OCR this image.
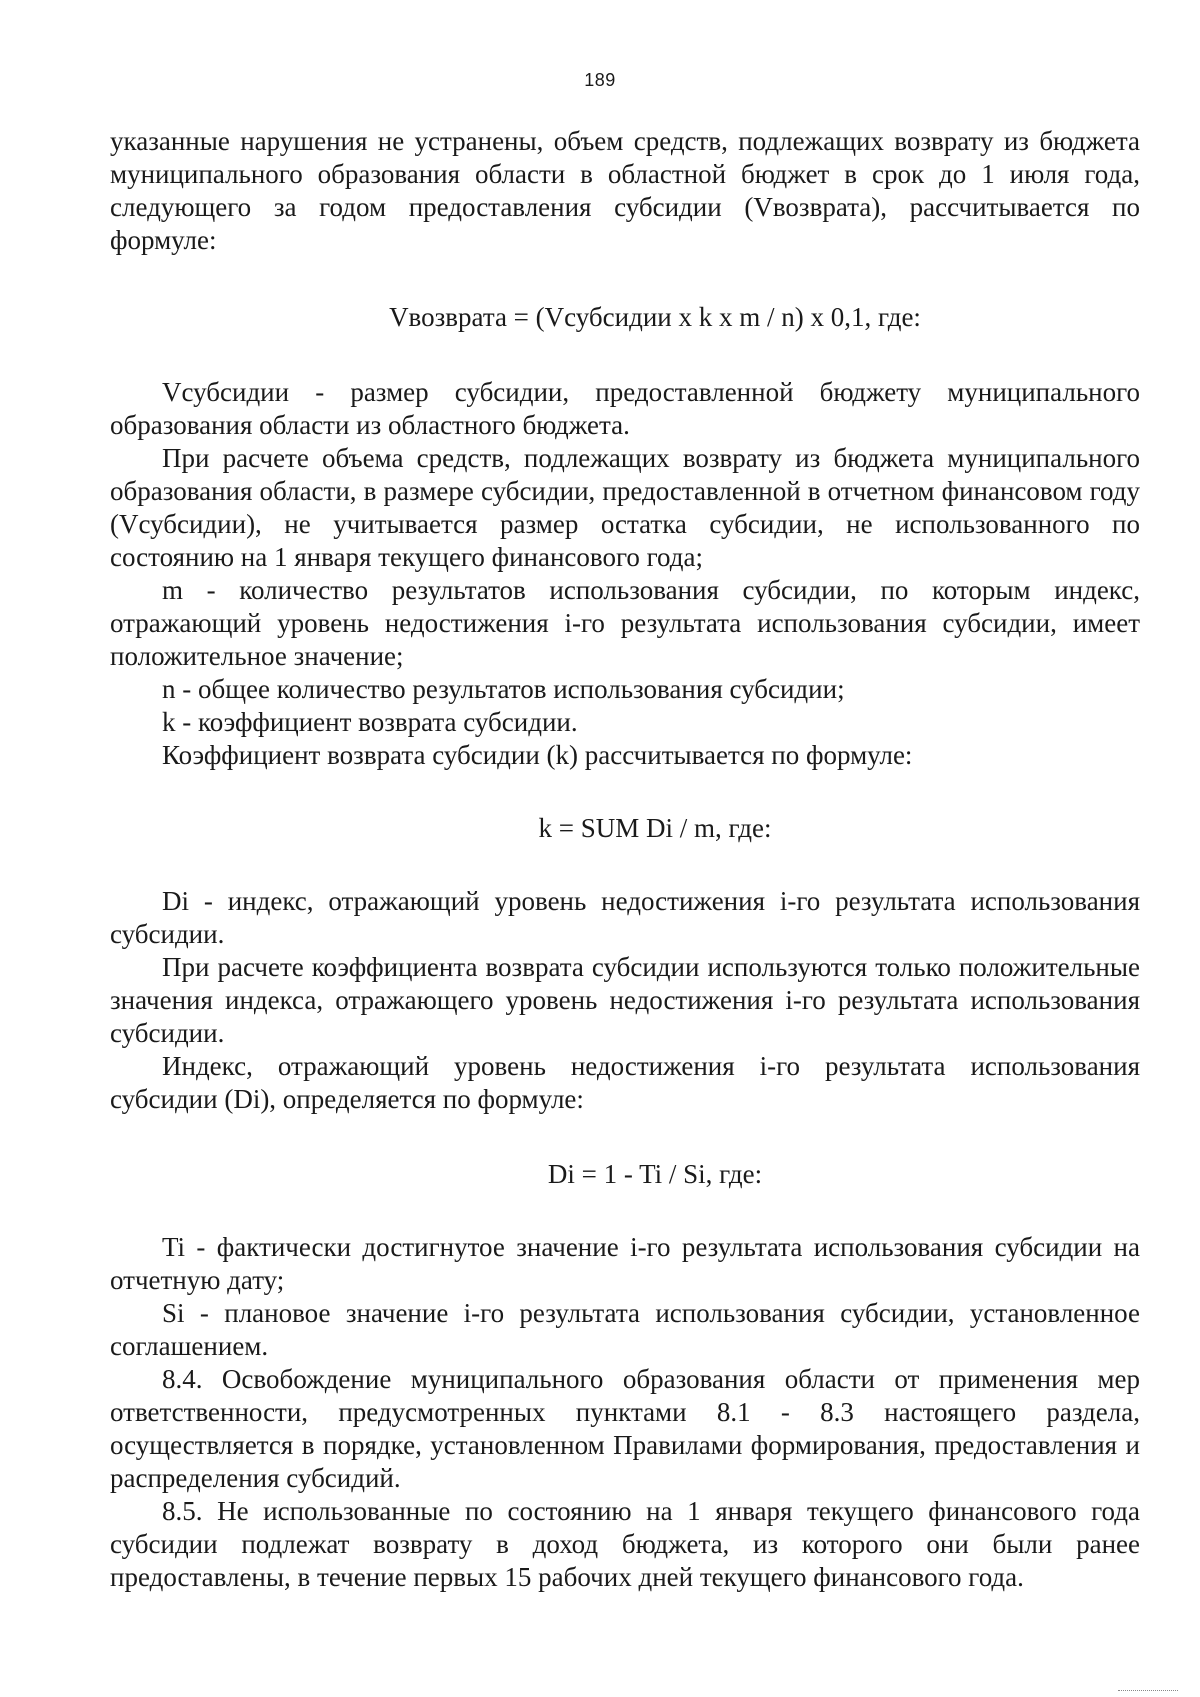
189

указанные нарушения не устранены, объем средств, подлежащих возврату из бюджета муниципального образования области в областной бюджет в срок до 1 июля года, следующего за годом предоставления субсидии (Vвозврата), рассчитывается по формуле:

Vвозврата = (Vсубсидии x k x m / n) x 0,1, где:

Vсубсидии - размер субсидии, предоставленной бюджету муниципального образования области из областного бюджета.

При расчете объема средств, подлежащих возврату из бюджета муниципального образования области, в размере субсидии, предоставленной в отчетном финансовом году (Vсубсидии), не учитывается размер остатка субсидии, не использованного по состоянию на 1 января текущего финансового года;

m - количество результатов использования субсидии, по которым индекс, отражающий уровень недостижения i-го результата использования субсидии, имеет положительное значение;

n - общее количество результатов использования субсидии;

k - коэффициент возврата субсидии.

Коэффициент возврата субсидии (k) рассчитывается по формуле:

k = SUM Di / m, где:

Di - индекс, отражающий уровень недостижения i-го результата использования субсидии.

При расчете коэффициента возврата субсидии используются только положительные значения индекса, отражающего уровень недостижения i-го результата использования субсидии.

Индекс, отражающий уровень недостижения i-го результата использования субсидии (Di), определяется по формуле:

Di = 1 - Ti / Si, где:

Ti - фактически достигнутое значение i-го результата использования субсидии на отчетную дату;

Si - плановое значение i-го результата использования субсидии, установленное соглашением.

8.4. Освобождение муниципального образования области от применения мер ответственности, предусмотренных пунктами 8.1 - 8.3 настоящего раздела, осуществляется в порядке, установленном Правилами формирования, предоставления и распределения субсидий.

8.5. Не использованные по состоянию на 1 января текущего финансового года субсидии подлежат возврату в доход бюджета, из которого они были ранее предоставлены, в течение первых 15 рабочих дней текущего финансового года.
